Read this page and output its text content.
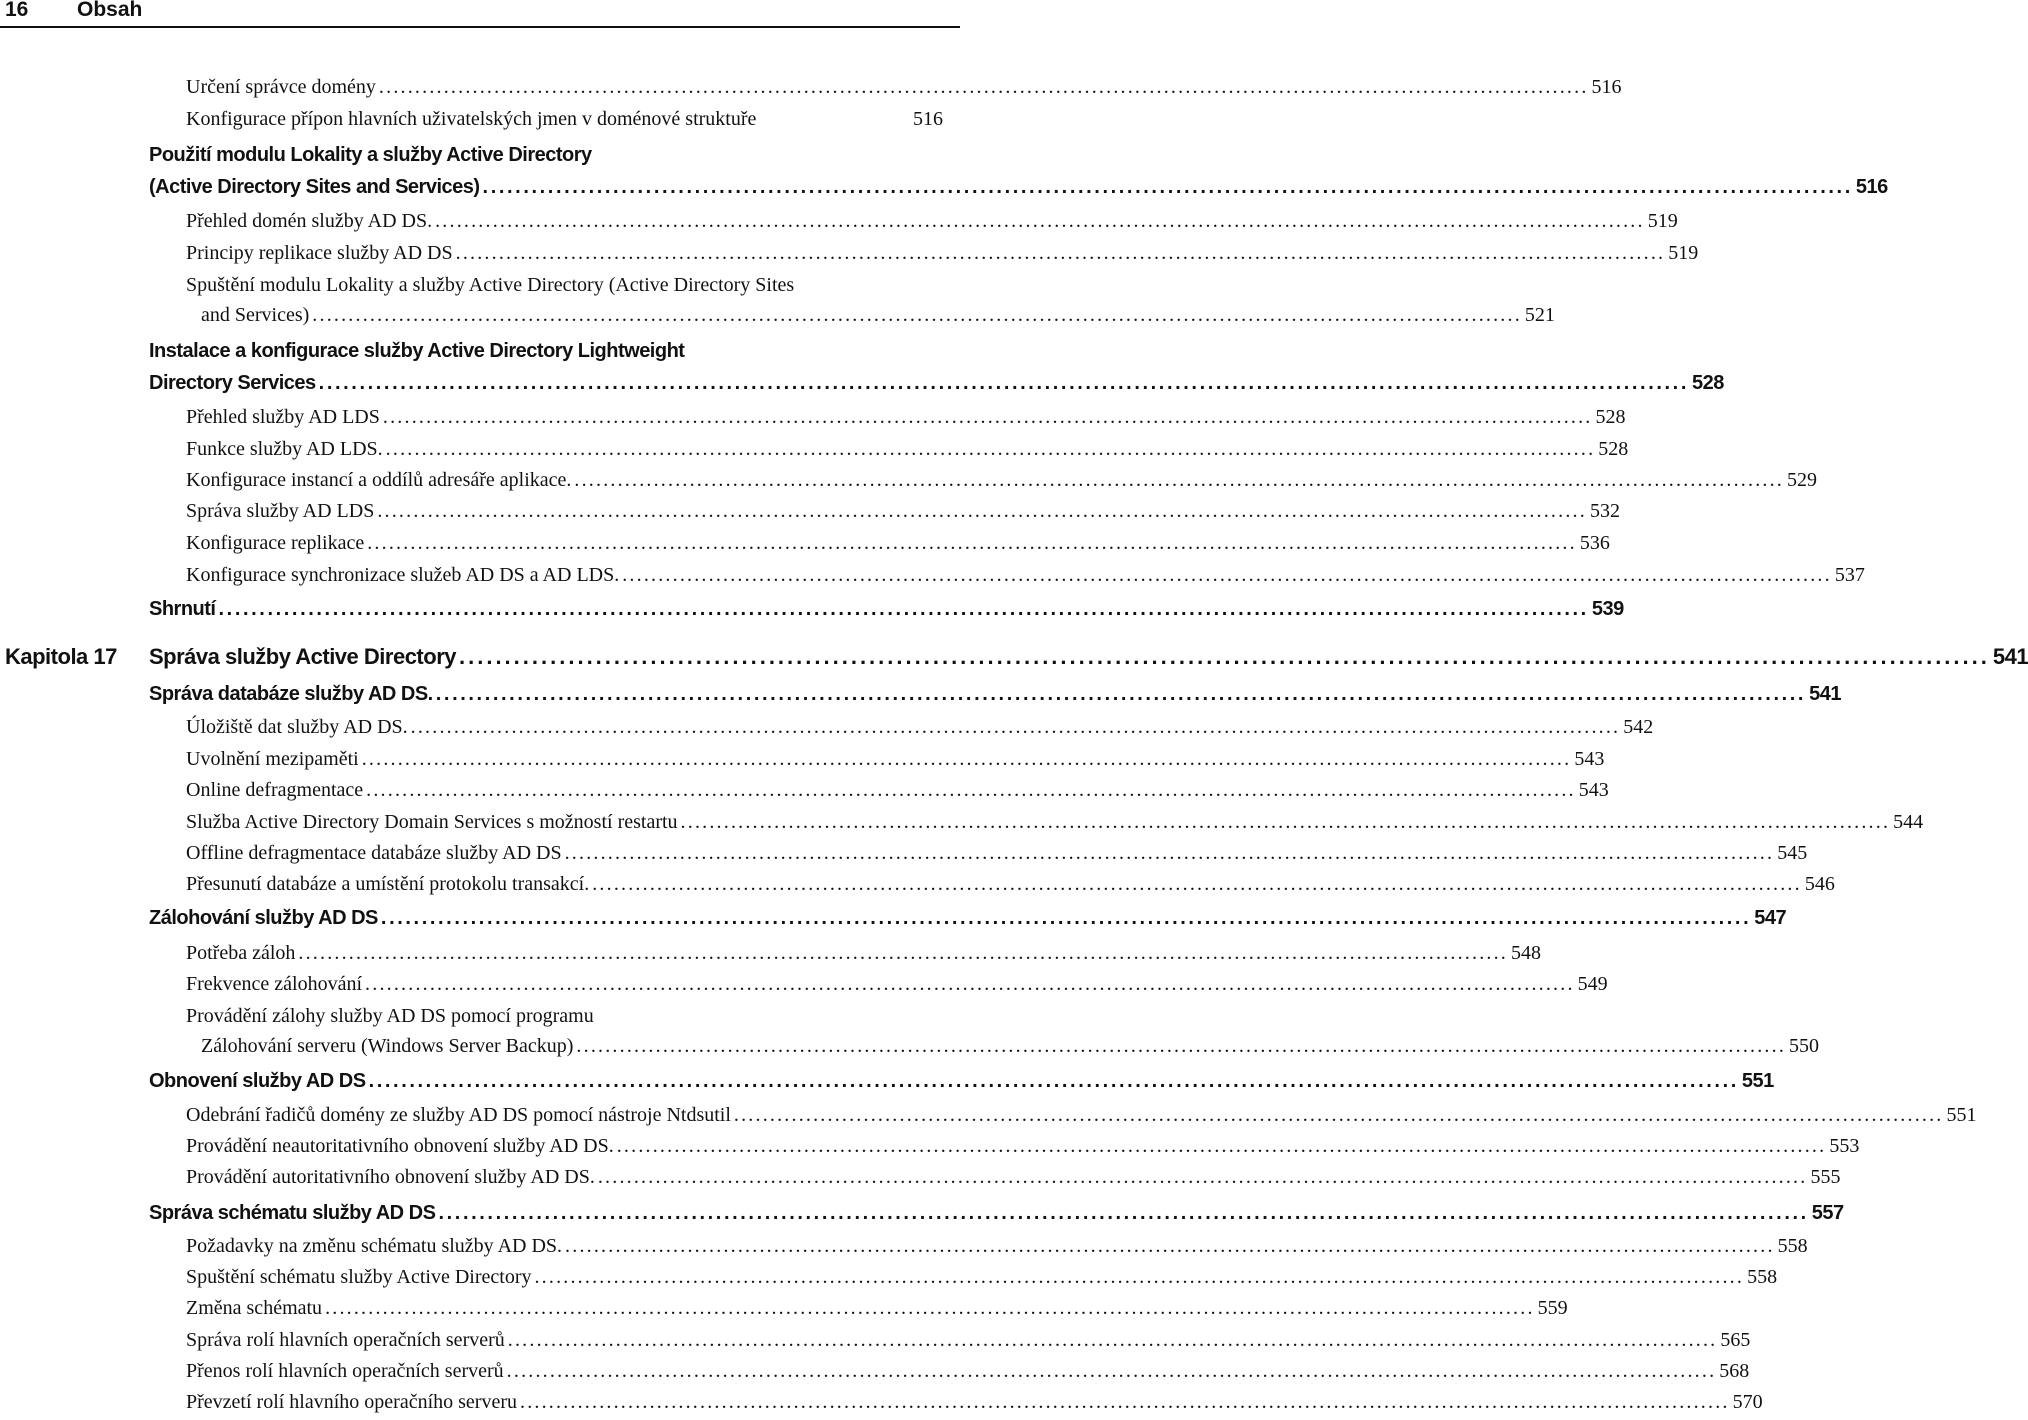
16 Obsah
Určení správce domény ........................................................................................................................................................................ 516
Konfigurace přípon hlavních uživatelských jmen v doménové struktuře	516
Použití modulu Lokality a služby Active Directory
(Active Directory Sites and Services) ........................................................................................................................................................................ 516
Přehled domén služby AD DS. ........................................................................................................................................................................ 519
Principy replikace služby AD DS ........................................................................................................................................................................ 519
Spuštění modulu Lokality a služby Active Directory (Active Directory Sites
and Services) ........................................................................................................................................................................ 521
Instalace a konfigurace služby Active Directory Lightweight
Directory Services ........................................................................................................................................................................ 528
Přehled služby AD LDS ........................................................................................................................................................................ 528
Funkce služby AD LDS. ........................................................................................................................................................................ 528
Konfigurace instancí a oddílů adresáře aplikace. ........................................................................................................................................................................ 529
Správa služby AD LDS ........................................................................................................................................................................ 532
Konfigurace replikace ........................................................................................................................................................................ 536
Konfigurace synchronizace služeb AD DS a AD LDS. ........................................................................................................................................................................ 537
Shrnutí ........................................................................................................................................................................ 539
Kapitola 17 Správa služby Active Directory ........................................................................................................................................................................ 541
Správa databáze služby AD DS. ........................................................................................................................................................................ 541
Úložiště dat služby AD DS. ........................................................................................................................................................................ 542
Uvolnění mezipaměti ........................................................................................................................................................................ 543
Online defragmentace ........................................................................................................................................................................ 543
Služba Active Directory Domain Services s možností restartu ........................................................................................................................................................................ 544
Offline defragmentace databáze služby AD DS ........................................................................................................................................................................ 545
Přesunutí databáze a umístění protokolu transakcí. ........................................................................................................................................................................ 546
Zálohování služby AD DS ........................................................................................................................................................................ 547
Potřeba záloh ........................................................................................................................................................................ 548
Frekvence zálohování ........................................................................................................................................................................ 549
Provádění zálohy služby AD DS pomocí programu
Zálohování serveru (Windows Server Backup) ........................................................................................................................................................................ 550
Obnovení služby AD DS ........................................................................................................................................................................ 551
Odebrání řadičů domény ze služby AD DS pomocí nástroje Ntdsutil ........................................................................................................................................................................ 551
Provádění neautoritativního obnovení služby AD DS. ........................................................................................................................................................................ 553
Provádění autoritativního obnovení služby AD DS. ........................................................................................................................................................................ 555
Správa schématu služby AD DS ........................................................................................................................................................................ 557
Požadavky na změnu schématu služby AD DS. ........................................................................................................................................................................ 558
Spuštění schématu služby Active Directory ........................................................................................................................................................................ 558
Změna schématu ........................................................................................................................................................................ 559
Správa rolí hlavních operačních serverů ........................................................................................................................................................................ 565
Přenos rolí hlavních operačních serverů ........................................................................................................................................................................ 568
Převzetí rolí hlavního operačního serveru ........................................................................................................................................................................ 570
